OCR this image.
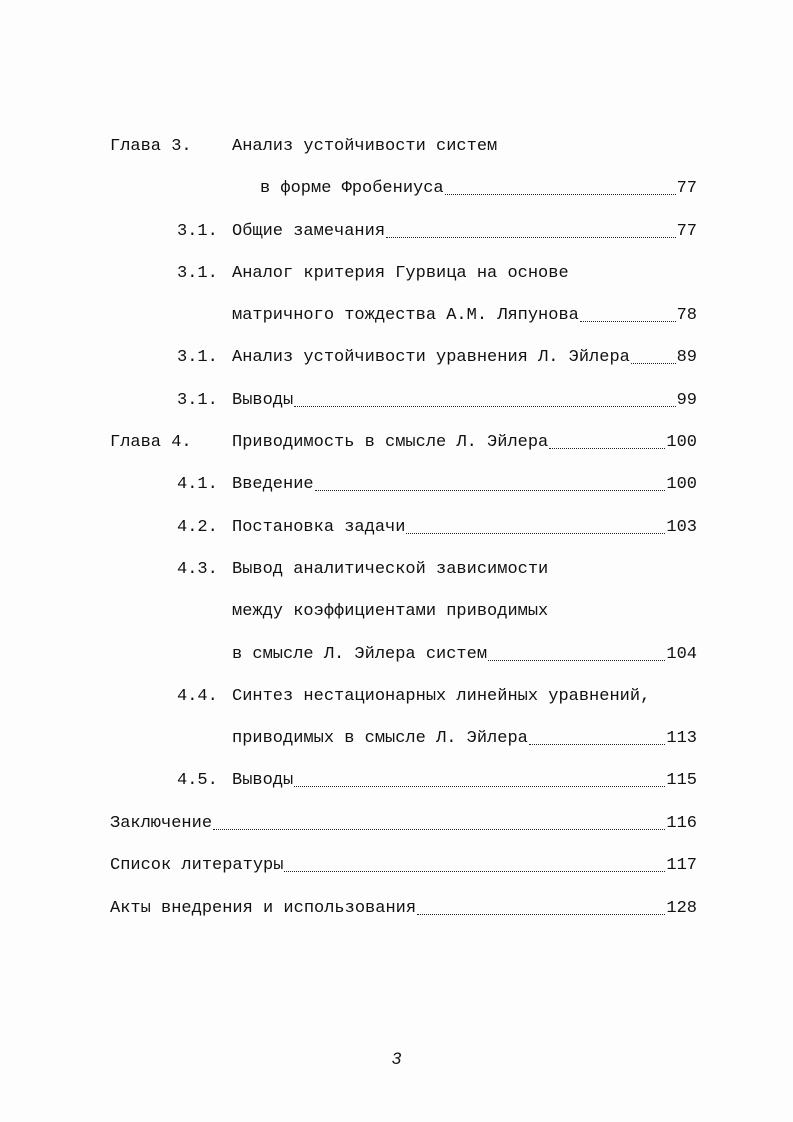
Глава 3. Анализ устойчивости систем
в форме Фробениуса	77
3.1. Общие замечания	77
3.1. Аналог критерия Гурвица на основе
матричного тождества А.М. Ляпунова	78
3.1. Анализ устойчивости уравнения Л. Эйлера	89
3.1. Выводы	99
Глава 4. Приводимость в смысле Л. Эйлера	100
4.1. Введение	100
4.2. Постановка задачи	103
4.3. Вывод аналитической зависимости
между коэффициентами приводимых
в смысле Л. Эйлера систем	104
4.4. Синтез нестационарных линейных уравнений,
приводимых в смысле Л. Эйлера	113
4.5. Выводы	115
Заключение	116
Список литературы	117
Акты внедрения и использования	128
3
